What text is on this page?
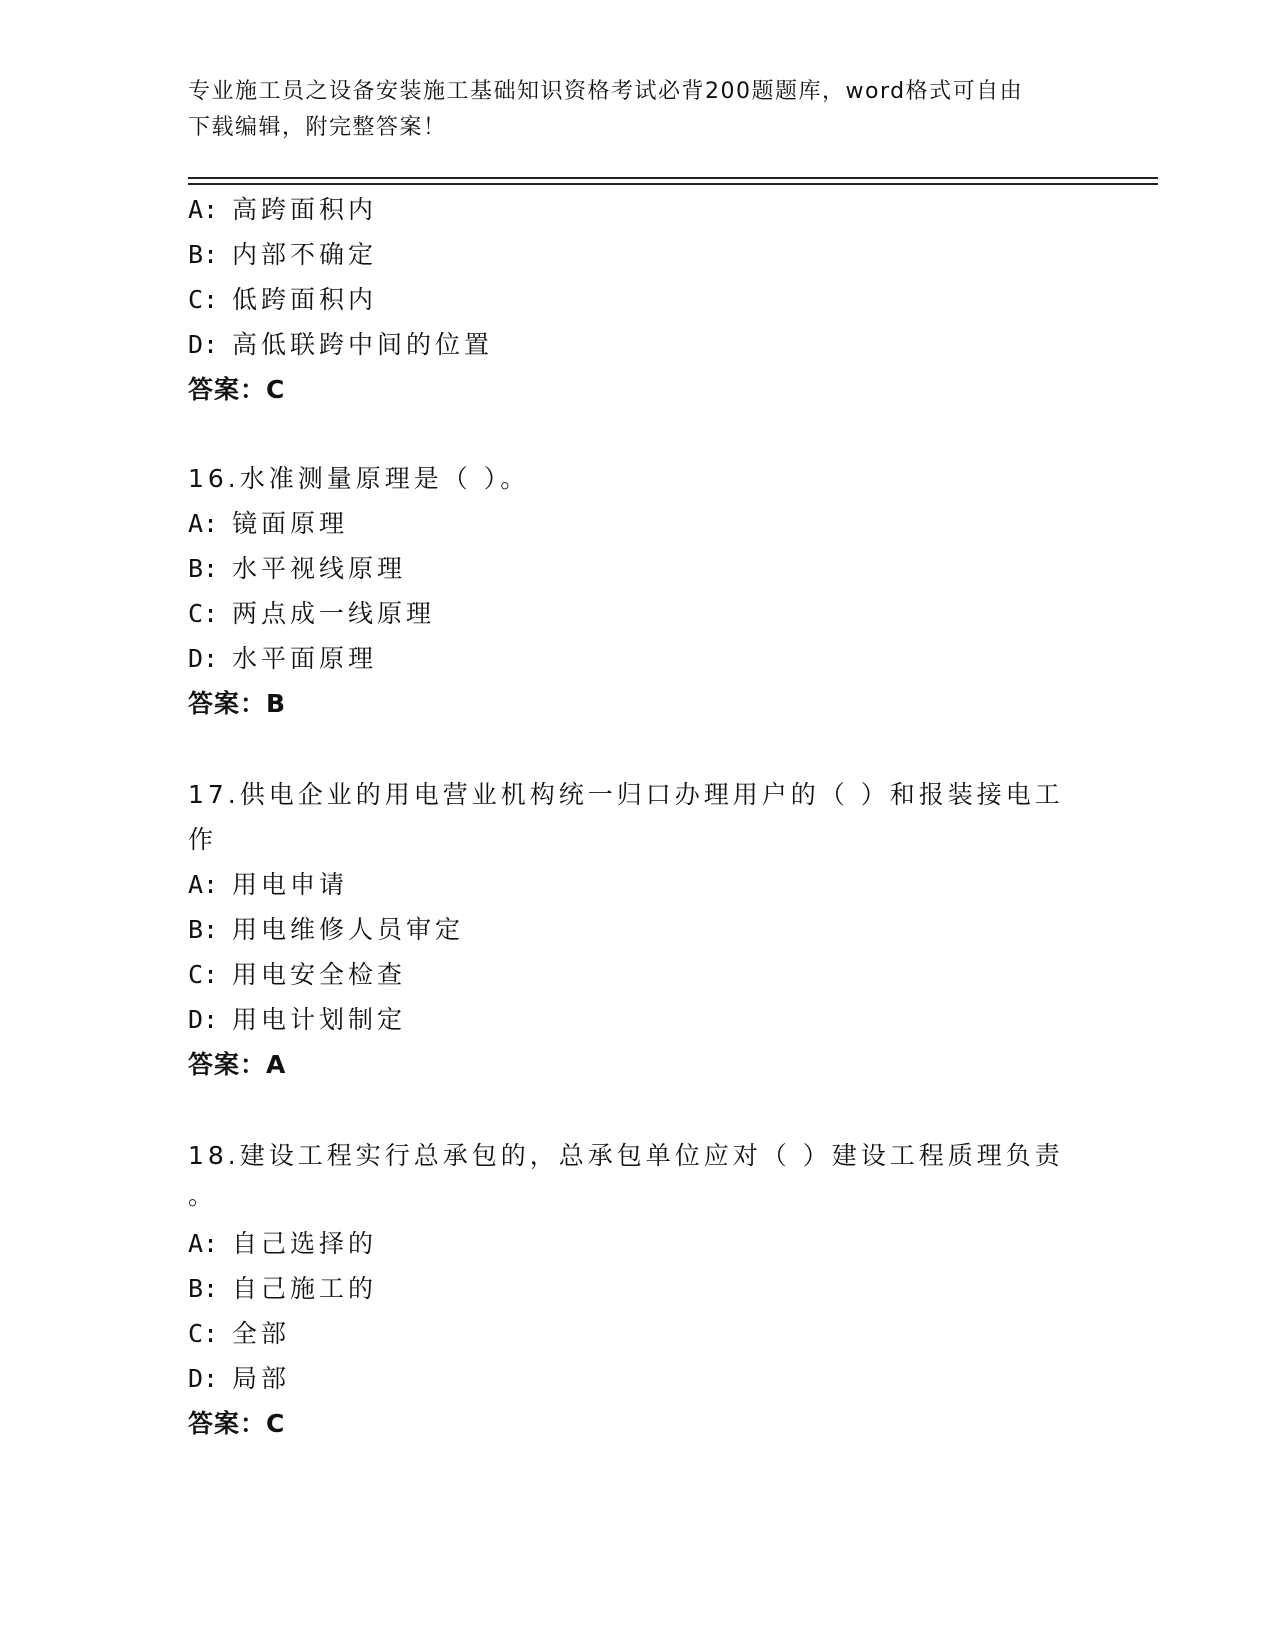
专业施工员之设备安装施工基础知识资格考试必背200题题库，word格式可自由
下载编辑，附完整答案！
A: 高跨面积内
B: 内部不确定
C: 低跨面积内
D: 高低联跨中间的位置
答案：C
16.水准测量原理是（ ）。
A: 镜面原理
B: 水平视线原理
C: 两点成一线原理
D: 水平面原理
答案：B
17.供电企业的用电营业机构统一归口办理用户的（ ）和报装接电工
作
A: 用电申请
B: 用电维修人员审定
C: 用电安全检查
D: 用电计划制定
答案：A
18.建设工程实行总承包的，总承包单位应对（ ）建设工程质理负责
。
A: 自己选择的
B: 自己施工的
C: 全部
D: 局部
答案：C
